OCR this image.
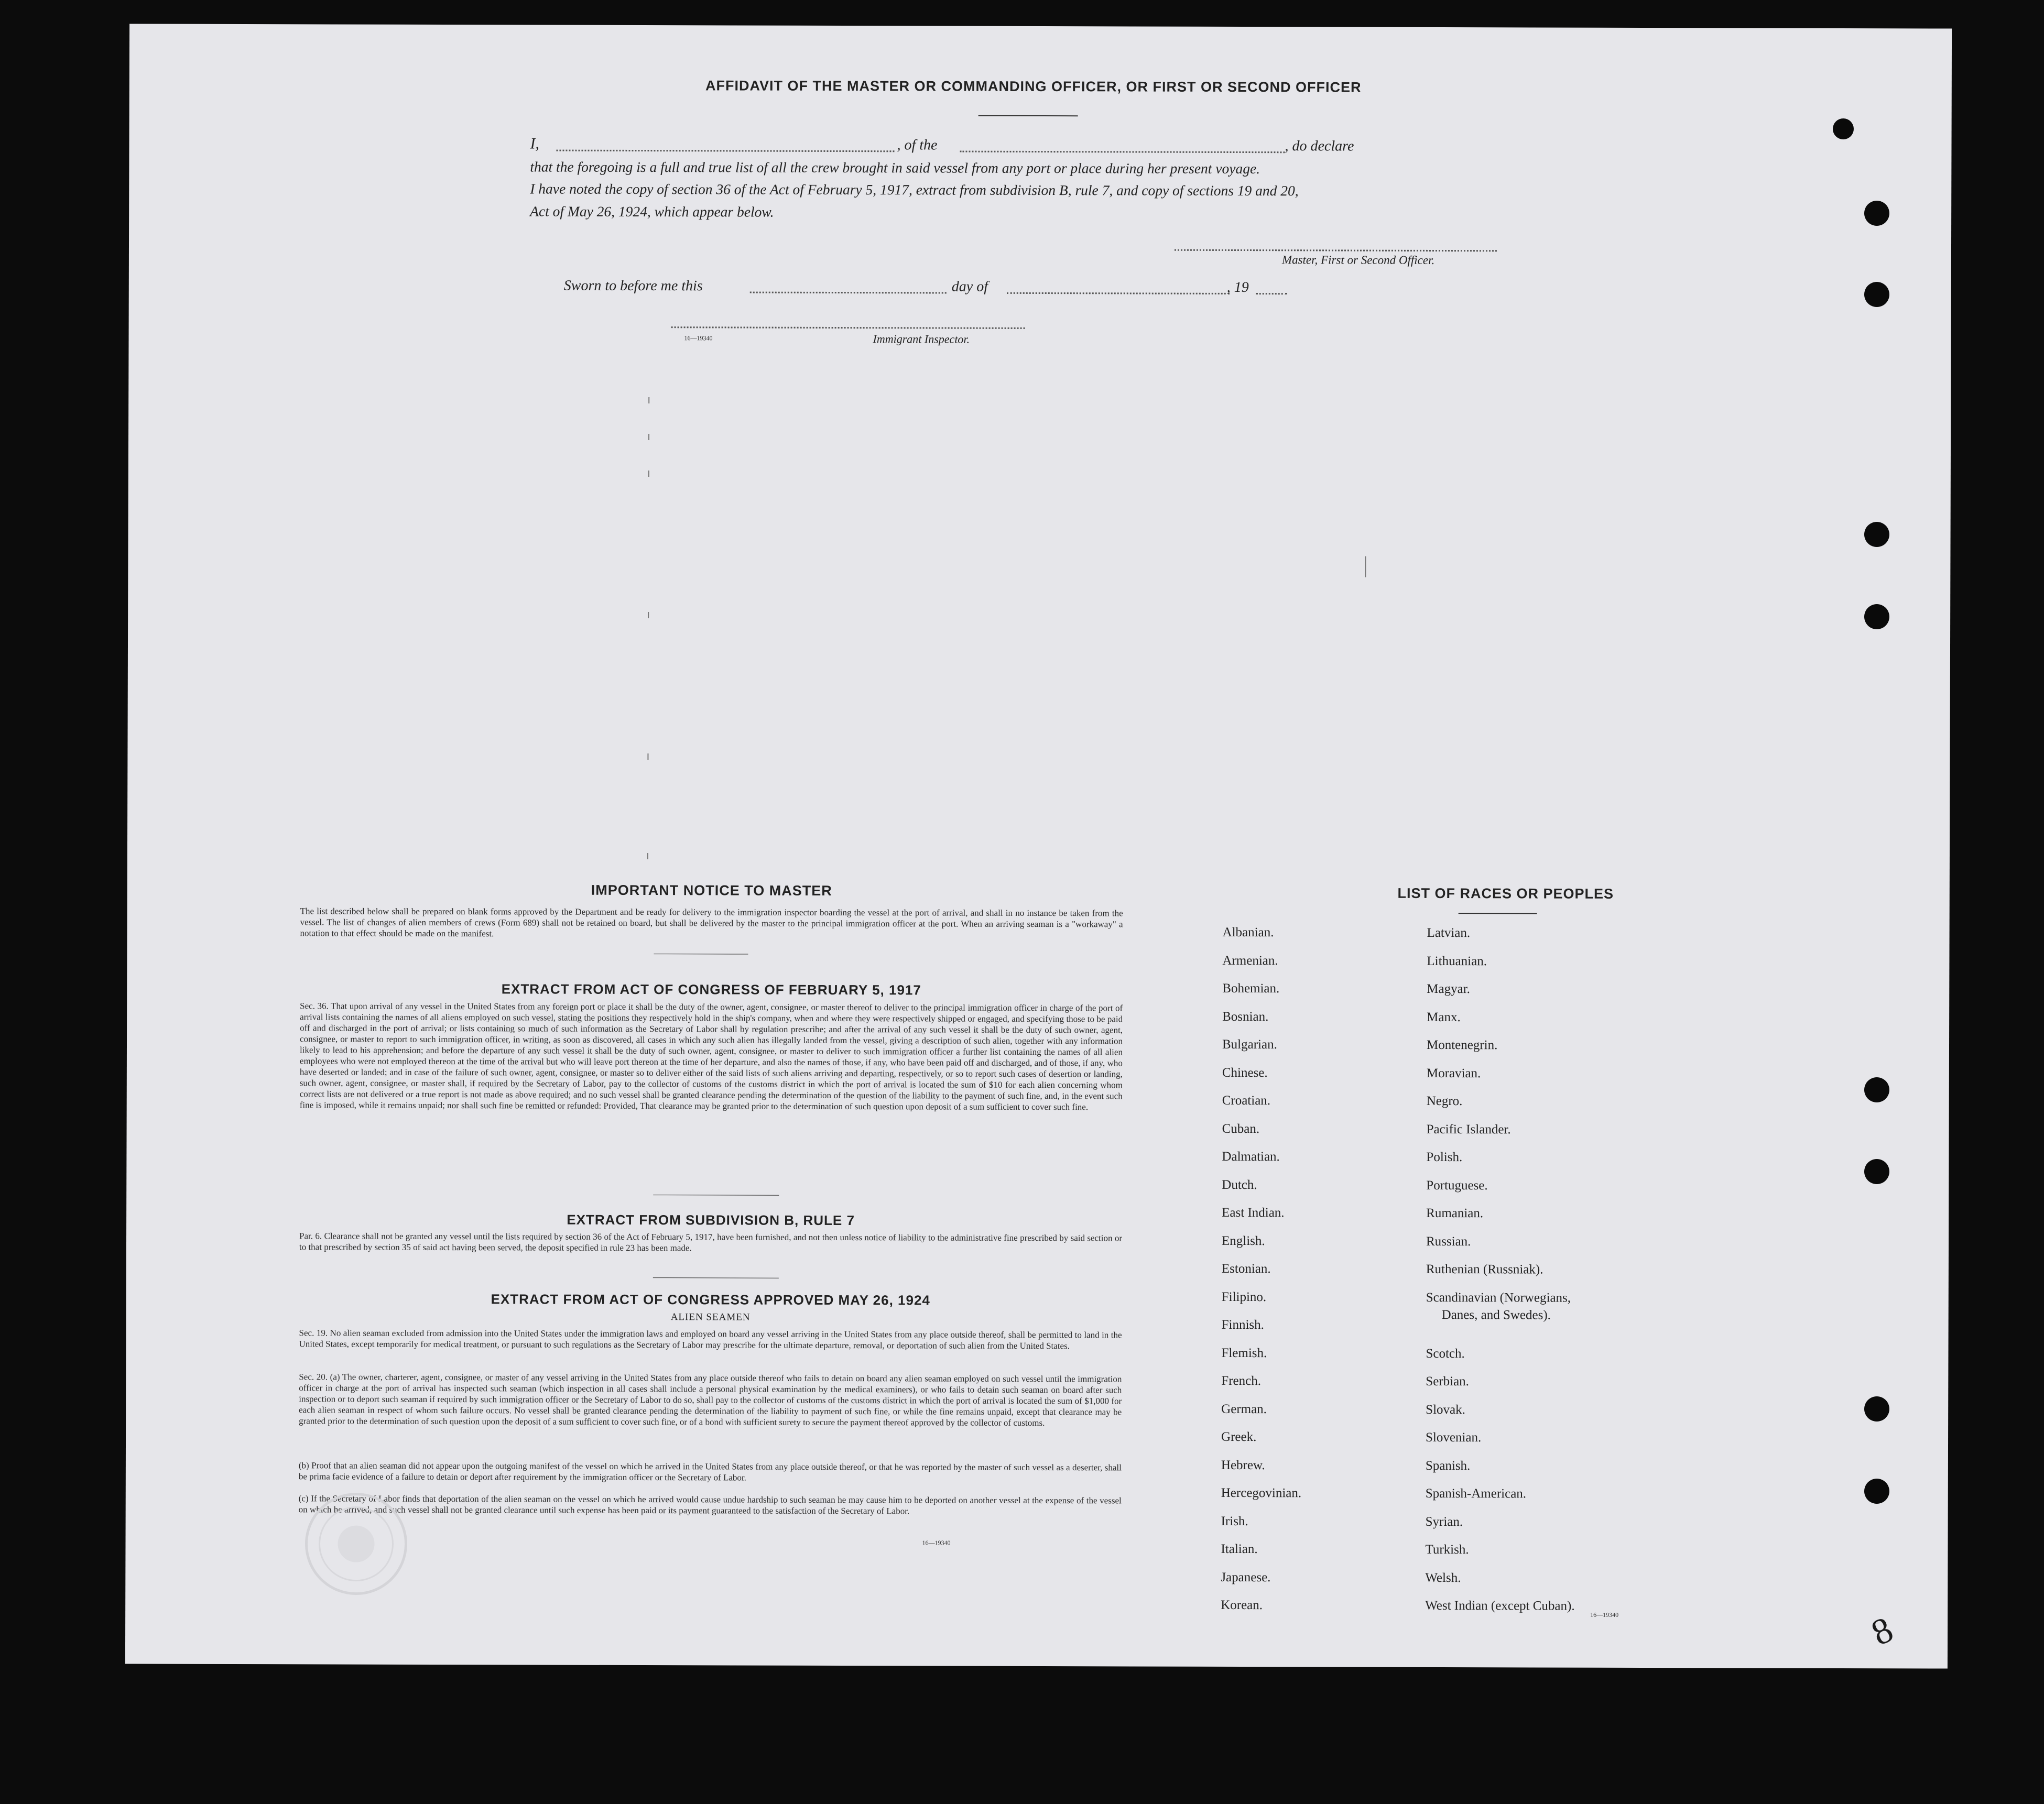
AFFIDAVIT OF THE MASTER OR COMMANDING OFFICER, OR FIRST OR SECOND OFFICER
I,	, of the	, do declare
that the foregoing is a full and true list of all the crew brought in said vessel from any port or place during her present voyage.
I have noted the copy of section 36 of the Act of February 5, 1917, extract from subdivision B, rule 7, and copy of sections 19 and 20,
Act of May 26, 1924, which appear below.
Master, First or Second Officer.
Sworn to before me this	day of	, 19
16—19340	Immigrant Inspector.
IMPORTANT NOTICE TO MASTER
The list described below shall be prepared on blank forms approved by the Department and be ready for delivery to the immigration inspector boarding the vessel at the port of arrival, and shall in no instance be taken from the vessel. The list of changes of alien members of crews (Form 689) shall not be retained on board, but shall be delivered by the master to the principal immigration officer at the port. When an arriving seaman is a "workaway" a notation to that effect should be made on the manifest.
EXTRACT FROM ACT OF CONGRESS OF FEBRUARY 5, 1917
Sec. 36. That upon arrival of any vessel in the United States from any foreign port or place it shall be the duty of the owner, agent, consignee, or master thereof to deliver to the principal immigration officer in charge of the port of arrival lists containing the names of all aliens employed on such vessel, stating the positions they respectively hold in the ship's company, when and where they were respectively shipped or engaged, and specifying those to be paid off and discharged in the port of arrival; or lists containing so much of such information as the Secretary of Labor shall by regulation prescribe; and after the arrival of any such vessel it shall be the duty of such owner, agent, consignee, or master to report to such immigration officer, in writing, as soon as discovered, all cases in which any such alien has illegally landed from the vessel, giving a description of such alien, together with any information likely to lead to his apprehension; and before the departure of any such vessel it shall be the duty of such owner, agent, consignee, or master to deliver to such immigration officer a further list containing the names of all alien employees who were not employed thereon at the time of the arrival but who will leave port thereon at the time of her departure, and also the names of those, if any, who have been paid off and discharged, and of those, if any, who have deserted or landed; and in case of the failure of such owner, agent, consignee, or master so to deliver either of the said lists of such aliens arriving and departing, respectively, or so to report such cases of desertion or landing, such owner, agent, consignee, or master shall, if required by the Secretary of Labor, pay to the collector of customs of the customs district in which the port of arrival is located the sum of $10 for each alien concerning whom correct lists are not delivered or a true report is not made as above required; and no such vessel shall be granted clearance pending the determination of the question of the liability to the payment of such fine, and, in the event such fine is imposed, while it remains unpaid; nor shall such fine be remitted or refunded: Provided, That clearance may be granted prior to the determination of such question upon deposit of a sum sufficient to cover such fine.
EXTRACT FROM SUBDIVISION B, RULE 7
Par. 6. Clearance shall not be granted any vessel until the lists required by section 36 of the Act of February 5, 1917, have been furnished, and not then unless notice of liability to the administrative fine prescribed by said section or to that prescribed by section 35 of said act having been served, the deposit specified in rule 23 has been made.
EXTRACT FROM ACT OF CONGRESS APPROVED MAY 26, 1924
ALIEN SEAMEN
Sec. 19. No alien seaman excluded from admission into the United States under the immigration laws and employed on board any vessel arriving in the United States from any place outside thereof, shall be permitted to land in the United States, except temporarily for medical treatment, or pursuant to such regulations as the Secretary of Labor may prescribe for the ultimate departure, removal, or deportation of such alien from the United States.
Sec. 20. (a) The owner, charterer, agent, consignee, or master of any vessel arriving in the United States from any place outside thereof who fails to detain on board any alien seaman employed on such vessel until the immigration officer in charge at the port of arrival has inspected such seaman (which inspection in all cases shall include a personal physical examination by the medical examiners), or who fails to detain such seaman on board after such inspection or to deport such seaman if required by such immigration officer or the Secretary of Labor to do so, shall pay to the collector of customs of the customs district in which the port of arrival is located the sum of $1,000 for each alien seaman in respect of whom such failure occurs. No vessel shall be granted clearance pending the determination of the liability to payment of such fine, or while the fine remains unpaid, except that clearance may be granted prior to the determination of such question upon the deposit of a sum sufficient to cover such fine, or of a bond with sufficient surety to secure the payment thereof approved by the collector of customs.
(b) Proof that an alien seaman did not appear upon the outgoing manifest of the vessel on which he arrived in the United States from any place outside thereof, or that he was reported by the master of such vessel as a deserter, shall be prima facie evidence of a failure to detain or deport after requirement by the immigration officer or the Secretary of Labor.
(c) If the Secretary of Labor finds that deportation of the alien seaman on the vessel on which he arrived would cause undue hardship to such seaman he may cause him to be deported on another vessel at the expense of the vessel on which he arrived, and such vessel shall not be granted clearance until such expense has been paid or its payment guaranteed to the satisfaction of the Secretary of Labor.
16—19340
LIST OF RACES OR PEOPLES
16—19340	8
Albanian.
Armenian.
Bohemian.
Bosnian.
Bulgarian.
Chinese.
Croatian.
Cuban.
Dalmatian.
Dutch.
East Indian.
English.
Estonian.
Filipino.
Finnish.
Flemish.
French.
German.
Greek.
Hebrew.
Hercegovinian.
Irish.
Italian.
Japanese.
Korean.
Latvian.
Lithuanian.
Magyar.
Manx.
Montenegrin.
Moravian.
Negro.
Pacific Islander.
Polish.
Portuguese.
Rumanian.
Russian.
Ruthenian (Russniak).
Scandinavian (Norwegians,
Danes, and Swedes).
Scotch.
Serbian.
Slovak.
Slovenian.
Spanish.
Spanish-American.
Syrian.
Turkish.
Welsh.
West Indian (except Cuban).
